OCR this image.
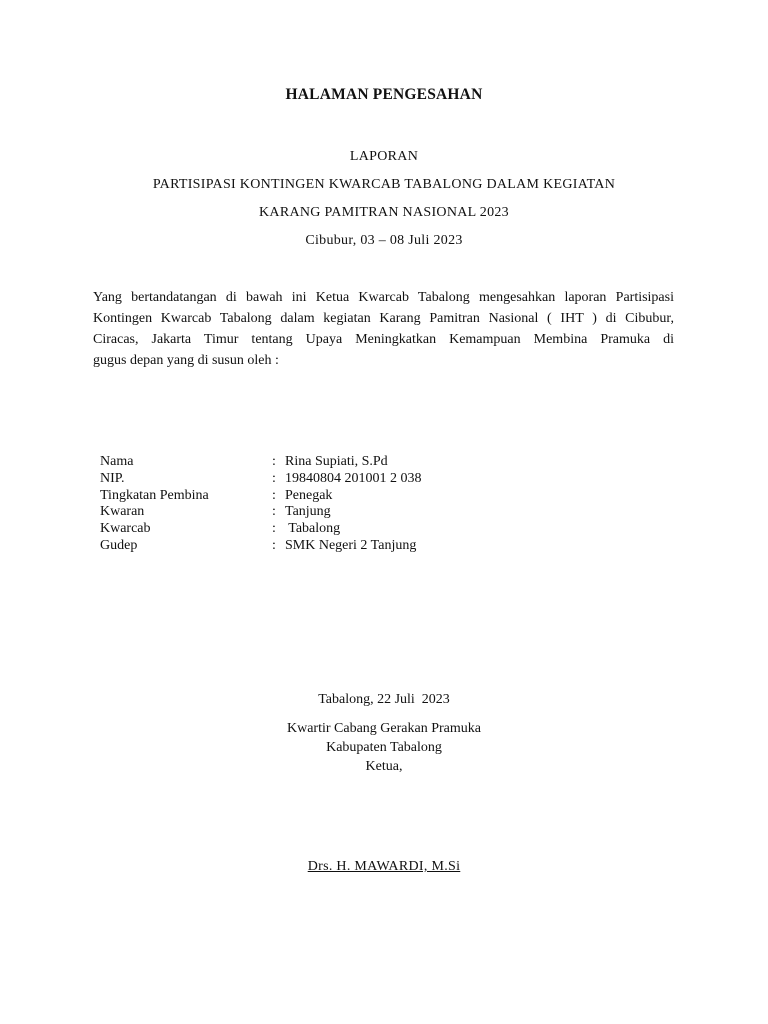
HALAMAN PENGESAHAN
LAPORAN
PARTISIPASI KONTINGEN KWARCAB TABALONG DALAM KEGIATAN
KARANG PAMITRAN NASIONAL 2023
Cibubur, 03 – 08 Juli 2023
Yang bertandatangan di bawah ini Ketua Kwarcab Tabalong mengesahkan laporan Partisipasi
Kontingen Kwarcab Tabalong dalam kegiatan Karang Pamitran Nasional ( IHT ) di Cibubur,
Ciracas, Jakarta Timur tentang Upaya Meningkatkan Kemampuan Membina Pramuka di
gugus depan yang di susun oleh :
Nama	:	Rina Supiati, S.Pd
NIP.	:	19840804 201001 2 038
Tingkatan Pembina	:	Penegak
Kwaran	:	Tanjung
Kwarcab	:	Tabalong
Gudep	:	SMK Negeri 2 Tanjung
Tabalong, 22 Juli  2023
Kwartir Cabang Gerakan Pramuka
Kabupaten Tabalong
Ketua,
Drs. H. MAWARDI, M.Si
